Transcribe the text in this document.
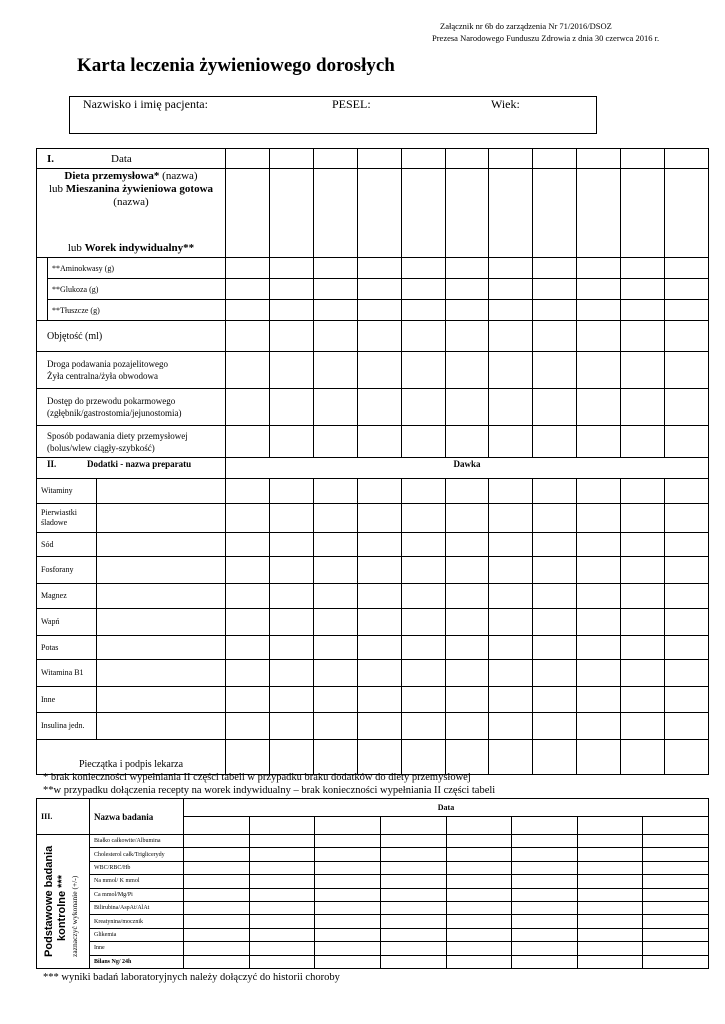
Załącznik nr 6b do zarządzenia Nr 71/2016/DSOZ
Prezesa Narodowego Funduszu Zdrowia z dnia 30 czerwca 2016 r.
Karta leczenia żywieniowego dorosłych
Nazwisko i imię pacjenta:	PESEL:	Wiek:
I. Data													
Dieta przemysłowa* (nazwa)
lub Mieszanina żywieniowa gotowa
(nazwa)
lub Worek indywidualny**													

	**Aminokwasy (g)												
	**Glukoza (g)												
	**Tłuszcze (g)												
Objętość (ml)													
Droga podawania pozajelitowego
Żyła centralna/żyła obwodowa													
Dostęp do przewodu pokarmowego
(zgłębnik/gastrostomia/jejunostomia)													
Sposób podawania diety przemysłowej
(bolus/wlew ciągły-szybkość)													
II. Dodatki - nazwa preparatu			Dawka										
Witaminy													
Pierwiastki śladowe													
Sód													
Fosforany													
Magnez													
Wapń													
Potas													
Witamina B1													
Inne													
Insulina jedn.													
Pieczątka i podpis lekarza													
* brak konieczności wypełniania II części tabeli w przypadku braku dodatków do diety przemysłowej
**w przypadku dołączenia recepty na worek indywidualny – brak konieczności wypełniania II części tabeli
III.	Nazwa badania	Data							

Podstawowe badania kontrolne *** zaznaczyć wykonanie (+/-)	Białko całkowite/Albumina								
	Cholesterol całk/Triglicerydy								
	WBC/RBC/Hb								
	Na mmol/ K mmol								
	Ca mmol/Mg/Pi								
	Bilirubina/AspAt/AlAt								
	Kreatynina/mocznik								
	Glikemia								
	Inne								
	Bilans Ng/ 24h								
*** wyniki badań laboratoryjnych należy dołączyć do historii choroby
